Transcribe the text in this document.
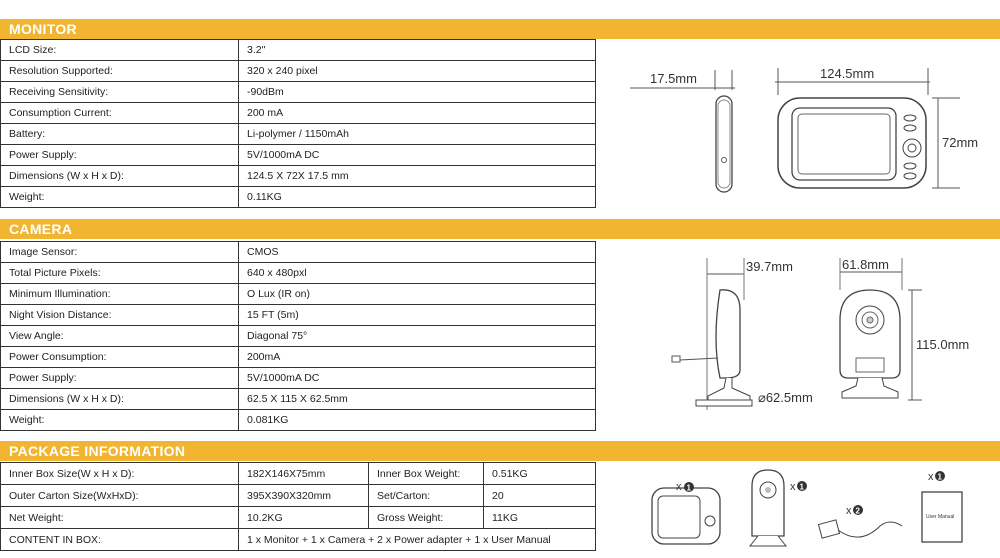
MONITOR
LCD Size:	3.2"
Resolution Supported:	320 x 240 pixel
Receiving Sensitivity:	-90dBm
Consumption Current:	200 mA
Battery:	Li-polymer / 1150mAh
Power Supply:	5V/1000mA DC
Dimensions (W x H x D):	124.5 X 72X 17.5 mm
Weight:	0.11KG
17.5mm	124.5mm
72mm
CAMERA
Image Sensor:	CMOS
Total Picture Pixels:	640 x 480pxl
Minimum Illumination:	O Lux (IR on)
Night Vision Distance:	15 FT (5m)
View Angle:	Diagonal 75°
Power Consumption:	200mA
Power Supply:	5V/1000mA DC
Dimensions (W x H x D):	62.5 X 115 X 62.5mm
Weight:	0.081KG
39.7mm	61.8mm
115.0mm
⌀62.5mm
PACKAGE INFORMATION
Inner Box Size(W x H x D):	182X146X75mm	Inner Box Weight:	0.51KG
Outer Carton Size(WxHxD):	395X390X320mm	Set/Carton:	20
Net Weight:	10.2KG	Gross Weight:	11KG
CONTENT IN BOX:	1 x Monitor + 1 x Camera + 2 x Power adapter + 1 x User Manual		
x 1	x 1
x 2
User Manual
x 1
